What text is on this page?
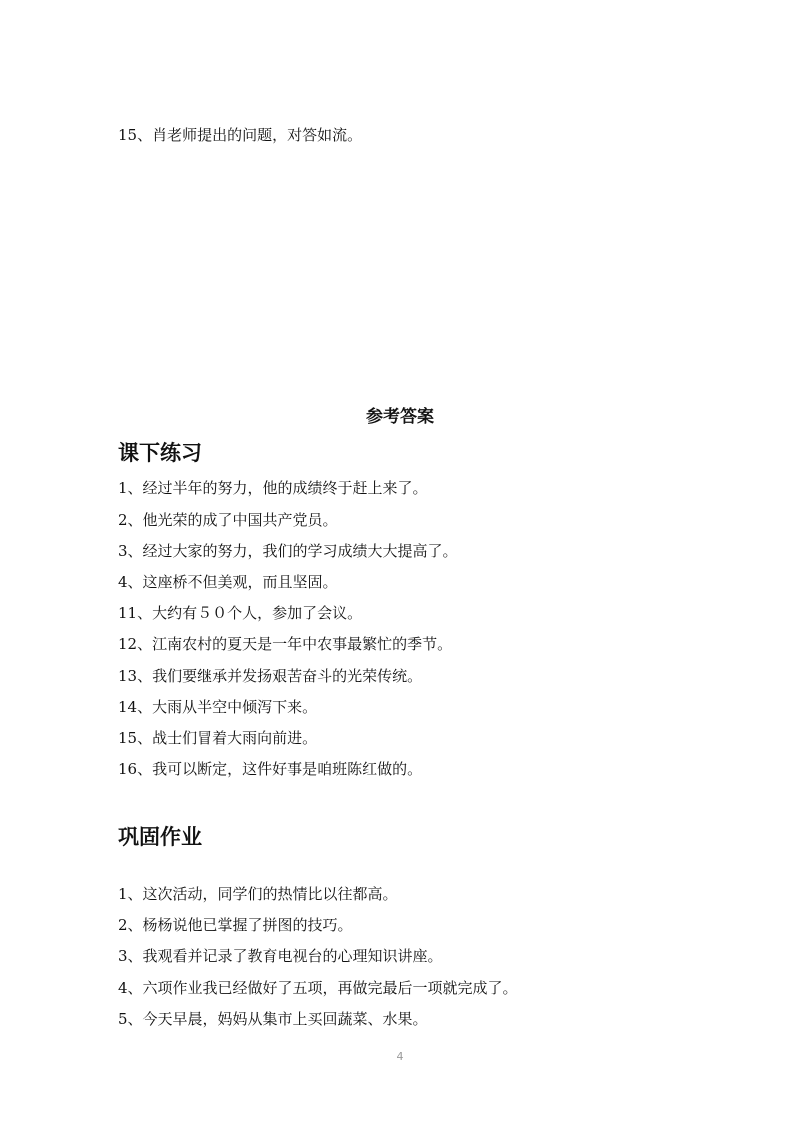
15、肖老师提出的问题，对答如流。
参考答案
课下练习
1、经过半年的努力，他的成绩终于赶上来了。
2、他光荣的成了中国共产党员。
3、经过大家的努力，我们的学习成绩大大提高了。
4、这座桥不但美观，而且坚固。
11、大约有５０个人，参加了会议。
12、江南农村的夏天是一年中农事最繁忙的季节。
13、我们要继承并发扬艰苦奋斗的光荣传统。
14、大雨从半空中倾泻下来。
15、战士们冒着大雨向前进。
16、我可以断定，这件好事是咱班陈红做的。
巩固作业
1、这次活动，同学们的热情比以往都高。
2、杨杨说他已掌握了拼图的技巧。
3、我观看并记录了教育电视台的心理知识讲座。
4、六项作业我已经做好了五项，再做完最后一项就完成了。
5、今天早晨，妈妈从集市上买回蔬菜、水果。
4
